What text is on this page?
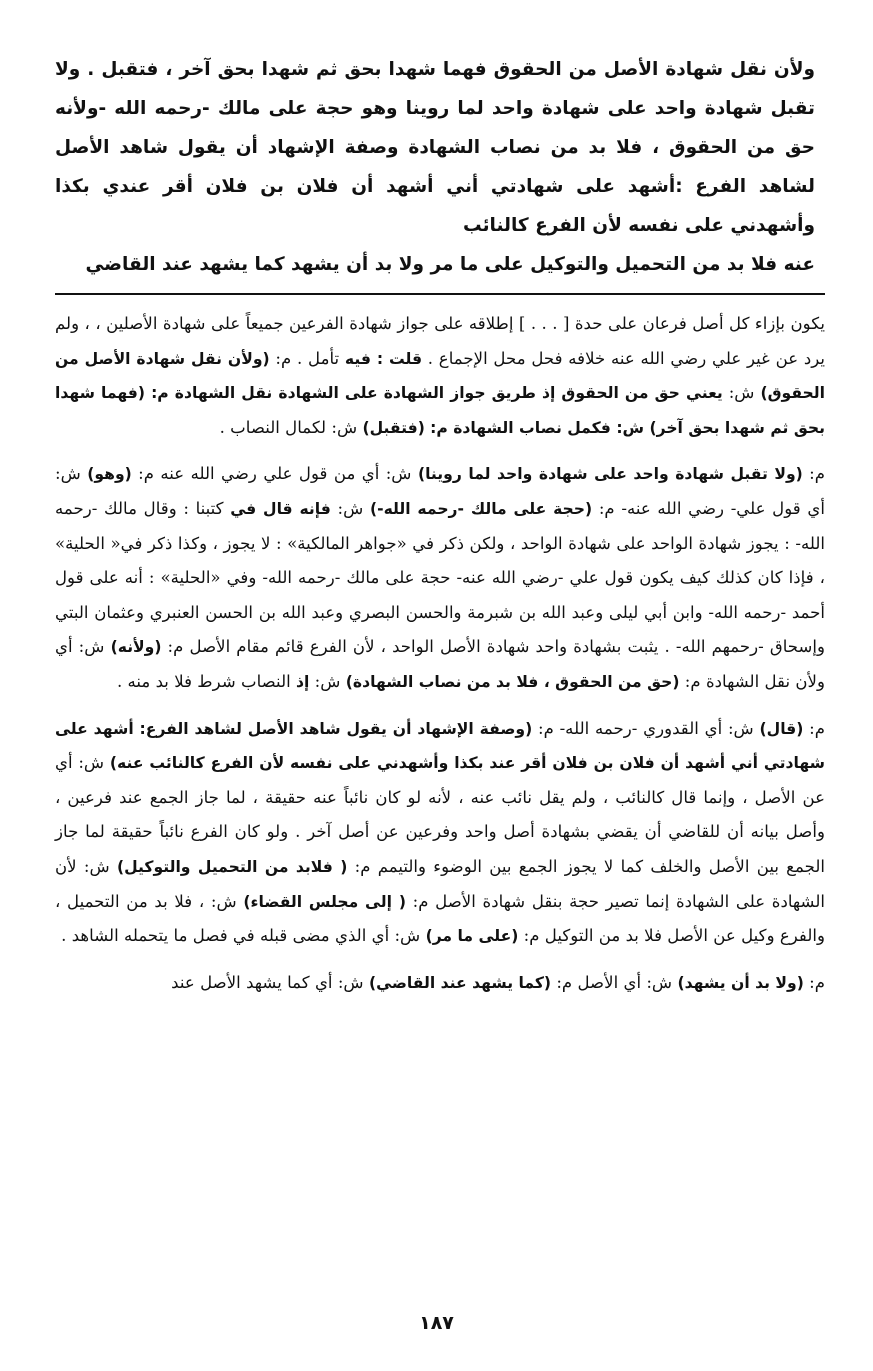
ولأن نقل شهادة الأصل من الحقوق فهما شهدا بحق ثم شهدا بحق آخر ، فتقبل . ولا تقبل شهادة واحد على شهادة واحد لما روينا وهو حجة على مالك -رحمه الله -ولأنه حق من الحقوق ، فلا بد من نصاب الشهادة وصفة الإشهاد أن يقول شاهد الأصل لشاهد الفرع :أشهد على شهادتي أني أشهد أن فلان بن فلان أقر عندي بكذا وأشهدني على نفسه لأن الفرع كالنائب

عنه فلا بد من التحميل والتوكيل على ما مر ولا بد أن يشهد كما يشهد عند القاضي

يكون بإزاء كل أصل فرعان على حدة [ . . . ] إطلاقه على جواز شهادة الفرعين جميعاً على شهادة الأصلين ، ، ولم يرد عن غير علي رضي الله عنه خلافه فحل محل الإجماع . قلت : فيه تأمل . م: (ولأن نقل شهادة الأصل من الحقوق) ش: يعني حق من الحقوق إذ طريق جواز الشهادة على الشهادة نقل الشهادة م: (فهما شهدا بحق ثم شهدا بحق آخر) ش: فكمل نصاب الشهادة م: (فتقبل) ش: لكمال النصاب .

م: (ولا تقبل شهادة واحد على شهادة واحد لما روينا) ش: أي من قول علي رضي الله عنه م: (وهو) ش: أي قول علي- رضي الله عنه- م: (حجة على مالك -رحمه الله-) ش: فإنه قال في كتبنا : وقال مالك -رحمه الله- : يجوز شهادة الواحد على شهادة الواحد ، ولكن ذكر في «جواهر المالكية» : لا يجوز ، وكذا ذكر في« الحلية» ، فإذا كان كذلك كيف يكون قول علي -رضي الله عنه- حجة على مالك -رحمه الله- وفي «الحلية» : أنه على قول أحمد -رحمه الله- وابن أبي ليلى وعبد الله بن شبرمة والحسن البصري وعبد الله بن الحسن العنبري وعثمان البتي وإسحاق -رحمهم الله- . يثبت بشهادة واحد شهادة الأصل الواحد ، لأن الفرع قائم مقام الأصل م: (ولأنه) ش: أي ولأن نقل الشهادة م: (حق من الحقوق ، فلا بد من نصاب الشهادة) ش: إذ النصاب شرط فلا بد منه .

م: (قال) ش: أي القدوري -رحمه الله- م: (وصفة الإشهاد أن يقول شاهد الأصل لشاهد الفرع: أشهد على شهادتي أني أشهد أن فلان بن فلان أقر عند بكذا وأشهدني على نفسه لأن الفرع كالنائب عنه) ش: أي عن الأصل ، وإنما قال كالنائب ، ولم يقل نائب عنه ، لأنه لو كان نائباً عنه حقيقة ، لما جاز الجمع عند فرعين ، وأصل بيانه أن للقاضي أن يقضي بشهادة أصل واحد وفرعين عن أصل آخر . ولو كان الفرع نائباً حقيقة لما جاز الجمع بين الأصل والخلف كما لا يجوز الجمع بين الوضوء والتيمم م: ( فلابد من التحميل والتوكيل) ش: لأن الشهادة على الشهادة إنما تصير حجة بنقل شهادة الأصل م: ( إلى مجلس القضاء) ش: ، فلا بد من التحميل ، والفرع وكيل عن الأصل فلا بد من التوكيل م: (على ما مر) ش: أي الذي مضى قبله في فصل ما يتحمله الشاهد .

م: (ولا بد أن يشهد) ش: أي الأصل م: (كما يشهد عند القاضي) ش: أي كما يشهد الأصل عند

١٨٧
